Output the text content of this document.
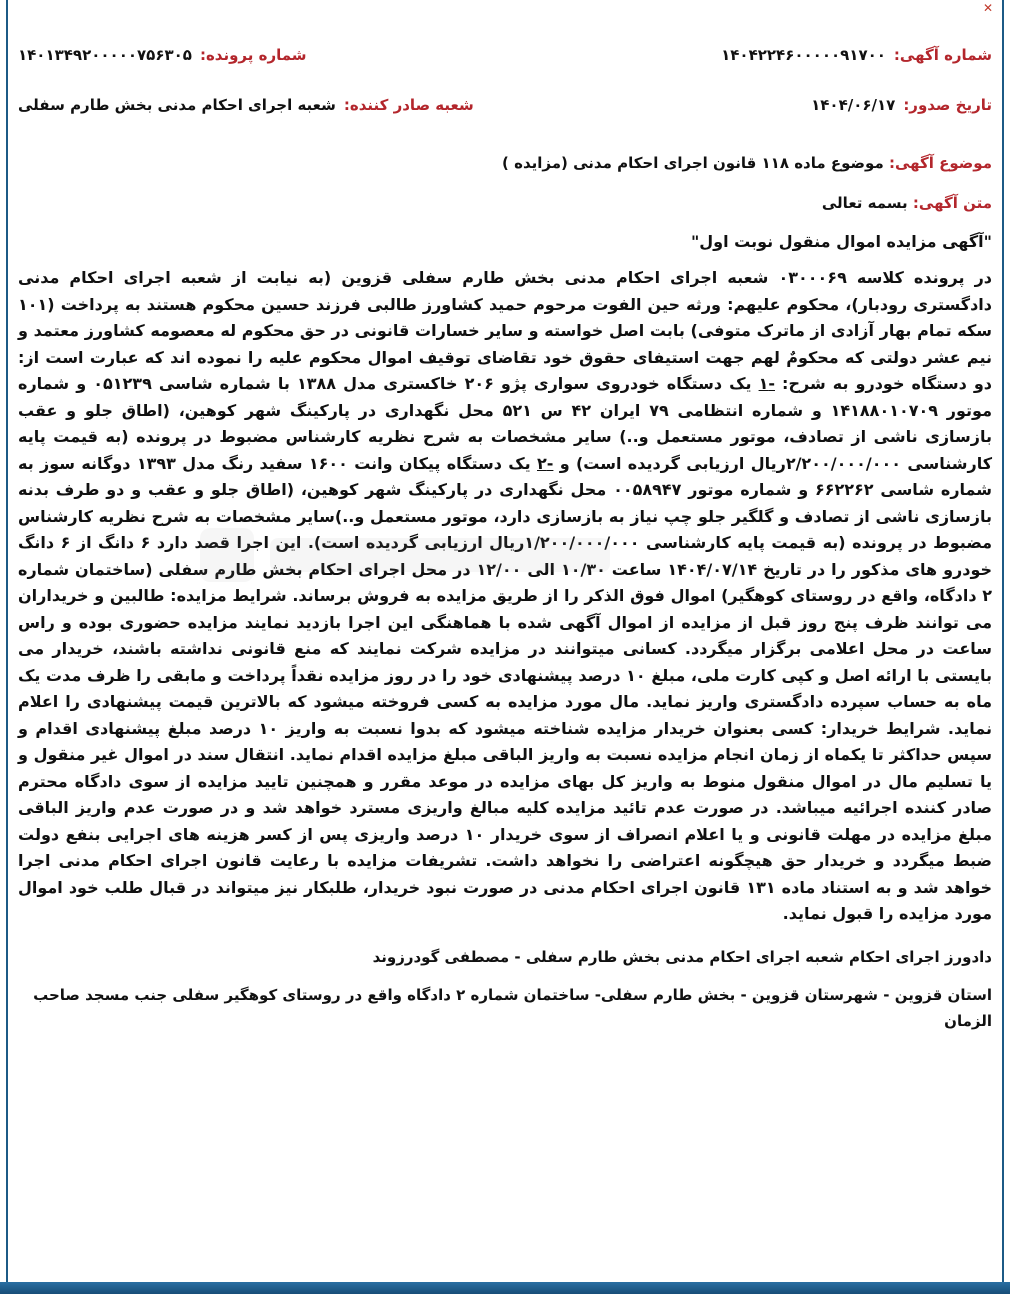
✕
شماره آگهی:
۱۴۰۴۲۲۴۶۰۰۰۰۰۹۱۷۰۰
شماره پرونده:
۱۴۰۱۳۴۹۲۰۰۰۰۰۷۵۶۳۰۵
تاریخ صدور:
۱۴۰۴/۰۶/۱۷
شعبه صادر کننده:
شعبه اجرای احکام مدنی بخش طارم سفلی
موضوع آگهی: موضوع ماده ۱۱۸ قانون اجرای احکام مدنی (مزایده )
متن آگهی: بسمه تعالی
"آگهی مزایده اموال منقول نوبت اول"
در پرونده کلاسه ۰۳۰۰۰۶۹ شعبه اجرای احکام مدنی بخش طارم سفلی قزوین (به نیابت از شعبه اجرای احکام مدنی دادگستری رودبار)، محکوم علیهم: ورثه حین الفوت مرحوم حمید کشاورز طالبی فرزند حسین محکوم هستند به پرداخت (۱۰۱ سکه تمام بهار آزادی از ماترک متوفی) بابت اصل خواسته و سایر خسارات قانونی در حق محکوم له معصومه کشاورز معتمد و نیم عشر دولتی که محکومٌ لهم جهت استیفای حقوق خود تقاضای توقیف اموال محکوم علیه را نموده اند که عبارت است از: دو دستگاه خودرو به شرح: -۱ یک دستگاه خودروی سواری پژو ۲۰۶ خاکستری مدل ۱۳۸۸ با شماره شاسی ۰۵۱۲۳۹ و شماره موتور ۱۴۱۸۸۰۱۰۷۰۹ و شماره انتظامی ۷۹ ایران ۴۲ س ۵۲۱ محل نگهداری در پارکینگ شهر کوهین، (اطاق جلو و عقب بازسازی ناشی از تصادف، موتور مستعمل و..) سایر مشخصات به شرح نظریه کارشناس مضبوط در پرونده (به قیمت پایه کارشناسی ۲/۲۰۰/۰۰۰/۰۰۰ریال ارزیابی گردیده است) و -۲ یک دستگاه پیکان وانت ۱۶۰۰ سفید رنگ مدل ۱۳۹۳ دوگانه سوز به شماره شاسی ۶۶۲۲۶۲ و شماره موتور ۰۰۵۸۹۴۷ محل نگهداری در پارکینگ شهر کوهین، (اطاق جلو و عقب و دو طرف بدنه بازسازی ناشی از تصادف و گلگیر جلو چپ نیاز به بازسازی دارد، موتور مستعمل و..)سایر مشخصات به شرح نظریه کارشناس مضبوط در پرونده (به قیمت پایه کارشناسی ۱/۲۰۰/۰۰۰/۰۰۰ریال ارزیابی گردیده است). این اجرا قصد دارد ۶ دانگ از ۶ دانگ خودرو های مذکور را در تاریخ ۱۴۰۴/۰۷/۱۴ ساعت ۱۰/۳۰ الی ۱۲/۰۰ در محل اجرای احکام بخش طارم سفلی (ساختمان شماره ۲ دادگاه، واقع در روستای کوهگیر) اموال فوق الذکر را از طریق مزایده به فروش برساند. شرایط مزایده: طالبین و خریداران می توانند ظرف پنج روز قبل از مزایده از اموال آگهی شده با هماهنگی این اجرا بازدید نمایند مزایده حضوری بوده و راس ساعت در محل اعلامی برگزار میگردد. کسانی میتوانند در مزایده شرکت نمایند که منع قانونی نداشته باشند، خریدار می بایستی با ارائه اصل و کپی کارت ملی، مبلغ ۱۰ درصد پیشنهادی خود را در روز مزایده نقداً پرداخت و مابقی را ظرف مدت یک ماه به حساب سپرده دادگستری واریز نماید. مال مورد مزایده به کسی فروخته میشود که بالاترین قیمت پیشنهادی را اعلام نماید. شرایط خریدار: کسی بعنوان خریدار مزایده شناخته میشود که بدوا نسبت به واریز ۱۰ درصد مبلغ پیشنهادی اقدام و سپس حداکثر تا یکماه از زمان انجام مزایده نسبت به واریز الباقی مبلغ مزایده اقدام نماید. انتقال سند در اموال غیر منقول و یا تسلیم مال در اموال منقول منوط به واریز کل بهای مزایده در موعد مقرر و همچنین تایید مزایده از سوی دادگاه محترم صادر کننده اجرائیه میباشد. در صورت عدم تائید مزایده کلیه مبالغ واریزی مسترد خواهد شد و در صورت عدم واریز الباقی مبلغ مزایده در مهلت قانونی و یا اعلام انصراف از سوی خریدار ۱۰ درصد واریزی پس از کسر هزینه های اجرایی بنفع دولت ضبط میگردد و خریدار حق هیچگونه اعتراضی را نخواهد داشت. تشریفات مزایده با رعایت قانون اجرای احکام مدنی اجرا خواهد شد و به استناد ماده ۱۳۱ قانون اجرای احکام مدنی در صورت نبود خریدار، طلبکار نیز میتواند در قبال طلب خود اموال مورد مزایده را قبول نماید.
دادورز اجرای احکام شعبه اجرای احکام مدنی بخش طارم سفلی - مصطفی گودرزوند
استان قزوین - شهرستان قزوین - بخش طارم سفلی- ساختمان شماره ۲ دادگاه واقع در روستای کوهگیر سفلی جنب مسجد صاحب الزمان
